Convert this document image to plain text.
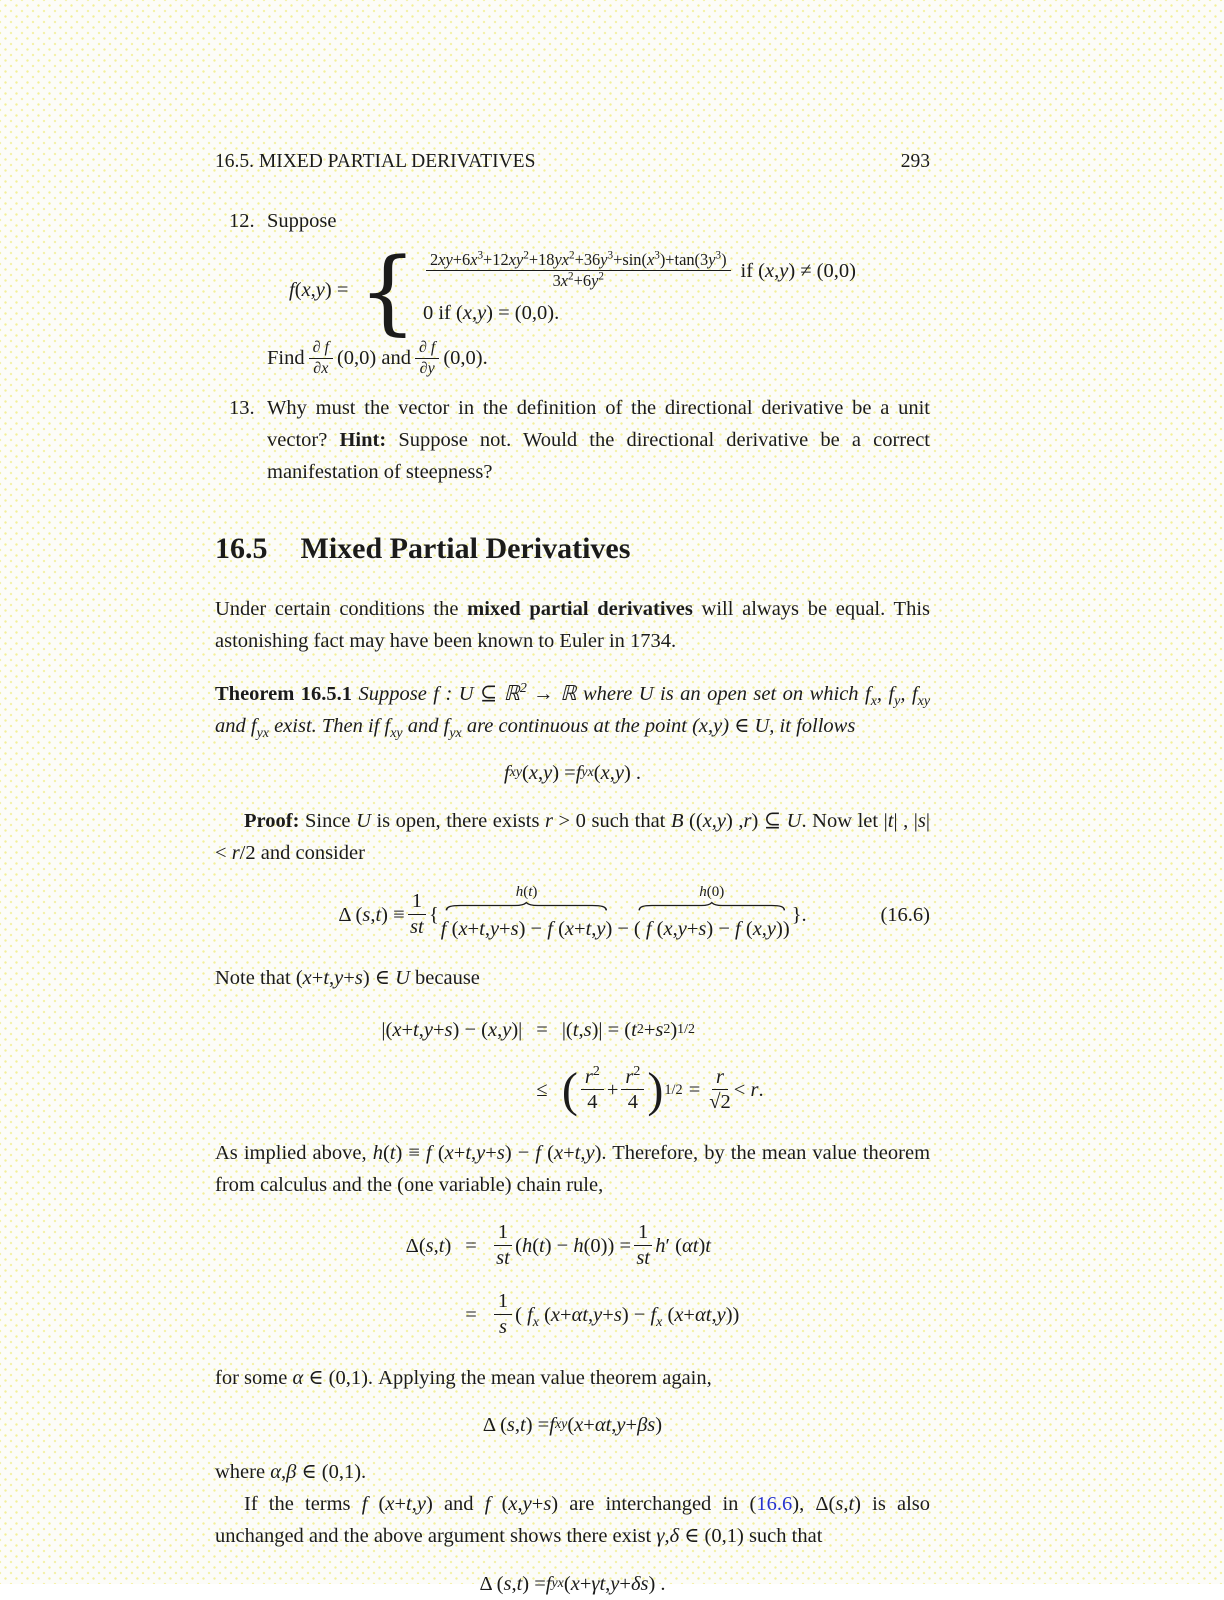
16.5. MIXED PARTIAL DERIVATIVES	293
12. Suppose
f ( x , y ) = { $\frac{2xy+6x^3+12xy^2+18yx^2+36y^3+\sin(x^3)+\tan(3y^3)}{3x^2+6y^2}$ if (x,y) ≠ (0,0)
0 if ( x , y ) = (0,0).
Find $\frac{\partial f}{\partial x} (0,0)$ and $\frac{\partial f}{\partial y} (0,0)$.
13. Why must the vector in the definition of the directional derivative be a unit vector? Hint: Suppose not. Would the directional derivative be a correct manifestation of steepness?
16.5 Mixed Partial Derivatives

Under certain conditions the mixed partial derivatives will always be equal. This astonishing fact may have been known to Euler in 1734.

Theorem 16.5.1 Suppose f : U ⊆ ℝ$^2$ → ℝ where U is an open set on which $f_x$, $f_y$, $f_{xy}$ and $f_{yx}$ exist. Then if $f_{xy}$ and $f_{yx}$ are continuous at the point (x,y) ∈ U, it follows

f xy ( x , y ) = f yx ( x , y ) .

Proof: Since U is open, there exists r > 0 such that B ((x,y) ,r) ⊆ U. Now let |t| , |s| < r/2 and consider

Δ ( s , t ) ≡ $\frac{1}{st}$ {
h(t)
f (x+t,y+s) − f (x+t,y) −
h(0)
( f (x,y+s) − f (x,y))
}.	(16.6)

Note that (x+t,y+s) ∈ U because

|(x+t,y+s) − (x,y)| = |( t , s )| = ( t 2 + s 2 ) 1/2
≤ ( $\frac{r^2}{4} + \frac{r^2}{4}$ ) $1/2 = \frac{r}{√2} < r$.

As implied above, h(t) ≡ f (x+t,y+s) − f (x+t,y). Therefore, by the mean value theorem from calculus and the (one variable) chain rule,

$\Delta(s,t) = \frac{1}{st} (h(t) - h(0)) = \frac{1}{st} h'$ (αt)t
= $\frac{1}{s}$ ( $f_x$ $(x+\alpha t,y+s) - f_x$ (x+αt,y))

for some α ∈ (0,1). Applying the mean value theorem again,

Δ ( s , t ) = f xy ( x + αt , y + βs )

where α,β ∈ (0,1).

If the terms f (x+t,y) and f (x,y+s) are interchanged in (16.6), Δ(s,t) is also unchanged and the above argument shows there exist γ,δ ∈ (0,1) such that

Δ ( s , t ) = f yx ( x + γt , y + δs ) .
